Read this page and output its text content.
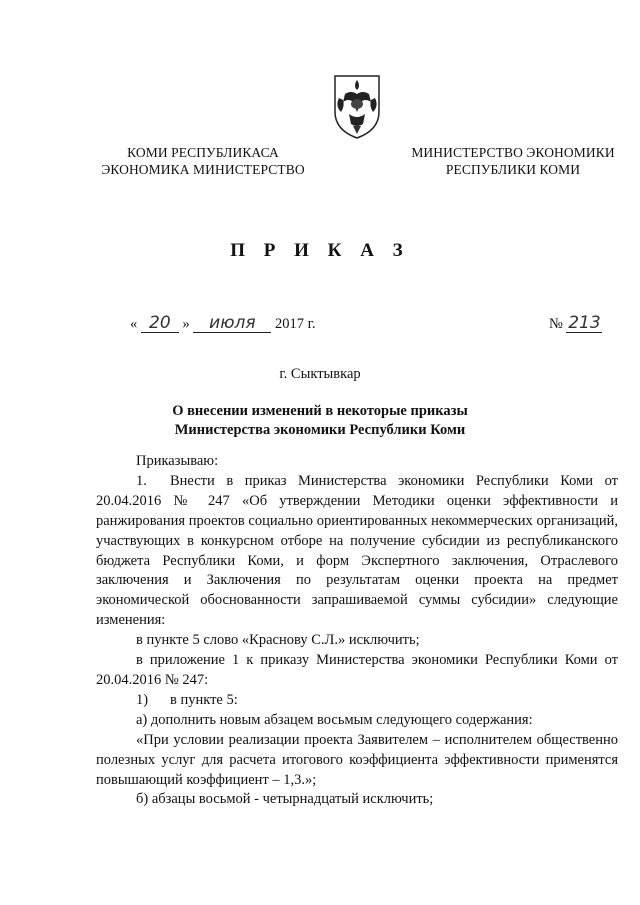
КОМИ РЕСПУБЛИКАСА
ЭКОНОМИКА МИНИСТЕРСТВО
МИНИСТЕРСТВО ЭКОНОМИКИ
РЕСПУБЛИКИ КОМИ
П Р И К А З
« 20 » июля 2017 г.	№ 213
г. Сыктывкар
О внесении изменений в некоторые приказы
Министерства экономики Республики Коми

Приказываю:

1. Внести в приказ Министерства экономики Республики Коми от 20.04.2016 № 247 «Об утверждении Методики оценки эффективности и ранжирования проектов социально ориентированных некоммерческих организаций, участвующих в конкурсном отборе на получение субсидии из республиканского бюджета Республики Коми, и форм Экспертного заключения, Отраслевого заключения и Заключения по результатам оценки проекта на предмет экономической обоснованности запрашиваемой суммы субсидии» следующие изменения:

в пункте 5 слово «Краснову С.Л.» исключить;

в приложение 1 к приказу Министерства экономики Республики Коми от 20.04.2016 № 247:

1) в пункте 5:

а) дополнить новым абзацем восьмым следующего содержания:

«При условии реализации проекта Заявителем – исполнителем общественно полезных услуг для расчета итогового коэффициента эффективности применятся повышающий коэффициент – 1,3.»;

б) абзацы восьмой - четырнадцатый исключить;
